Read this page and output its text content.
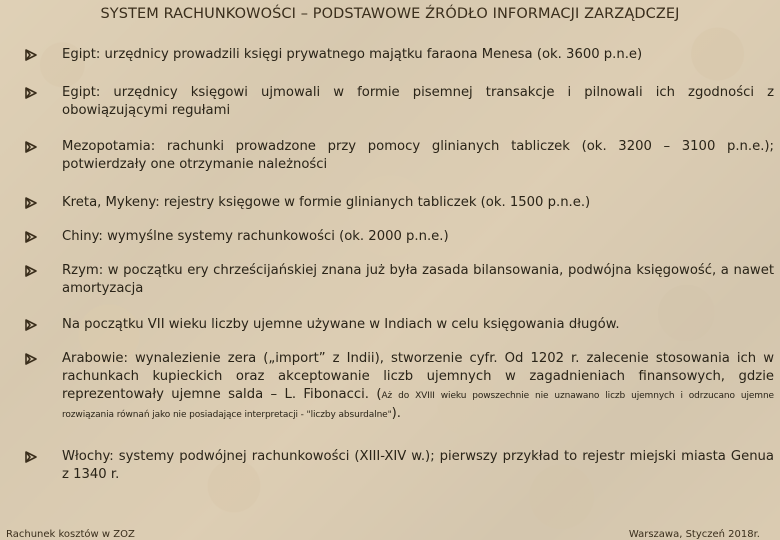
SYSTEM RACHUNKOWOŚCI – PODSTAWOWE ŹRÓDŁO INFORMACJI ZARZĄDCZEJ
Egipt: urzędnicy prowadzili księgi prywatnego majątku faraona Menesa (ok. 3600 p.n.e)
Egipt: urzędnicy księgowi ujmowali w formie pisemnej transakcje i pilnowali ich zgodności z obowiązującymi regułami
Mezopotamia: rachunki prowadzone przy pomocy glinianych tabliczek (ok. 3200 – 3100 p.n.e.); potwierdzały one otrzymanie należności
Kreta, Mykeny: rejestry księgowe w formie glinianych tabliczek (ok. 1500 p.n.e.)
Chiny: wymyślne systemy rachunkowości (ok. 2000 p.n.e.)
Rzym: w początku ery chrześcijańskiej znana już była zasada bilansowania, podwójna księgowość, a nawet amortyzacja
Na początku VII wieku liczby ujemne używane w Indiach w celu księgowania długów.
Arabowie: wynalezienie zera („import” z Indii), stworzenie cyfr. Od 1202 r. zalecenie stosowania ich w rachunkach kupieckich oraz akceptowanie liczb ujemnych w zagadnieniach finansowych, gdzie reprezentowały ujemne salda – L. Fibonacci. (Aż do XVIII wieku powszechnie nie uznawano liczb ujemnych i odrzucano ujemne rozwiązania równań jako nie posiadające interpretacji - "liczby absurdalne").
Włochy: systemy podwójnej rachunkowości (XIII-XIV w.); pierwszy przykład to rejestr miejski miasta Genua z 1340 r.
Rachunek kosztów w ZOZ	Warszawa, Styczeń 2018r.
